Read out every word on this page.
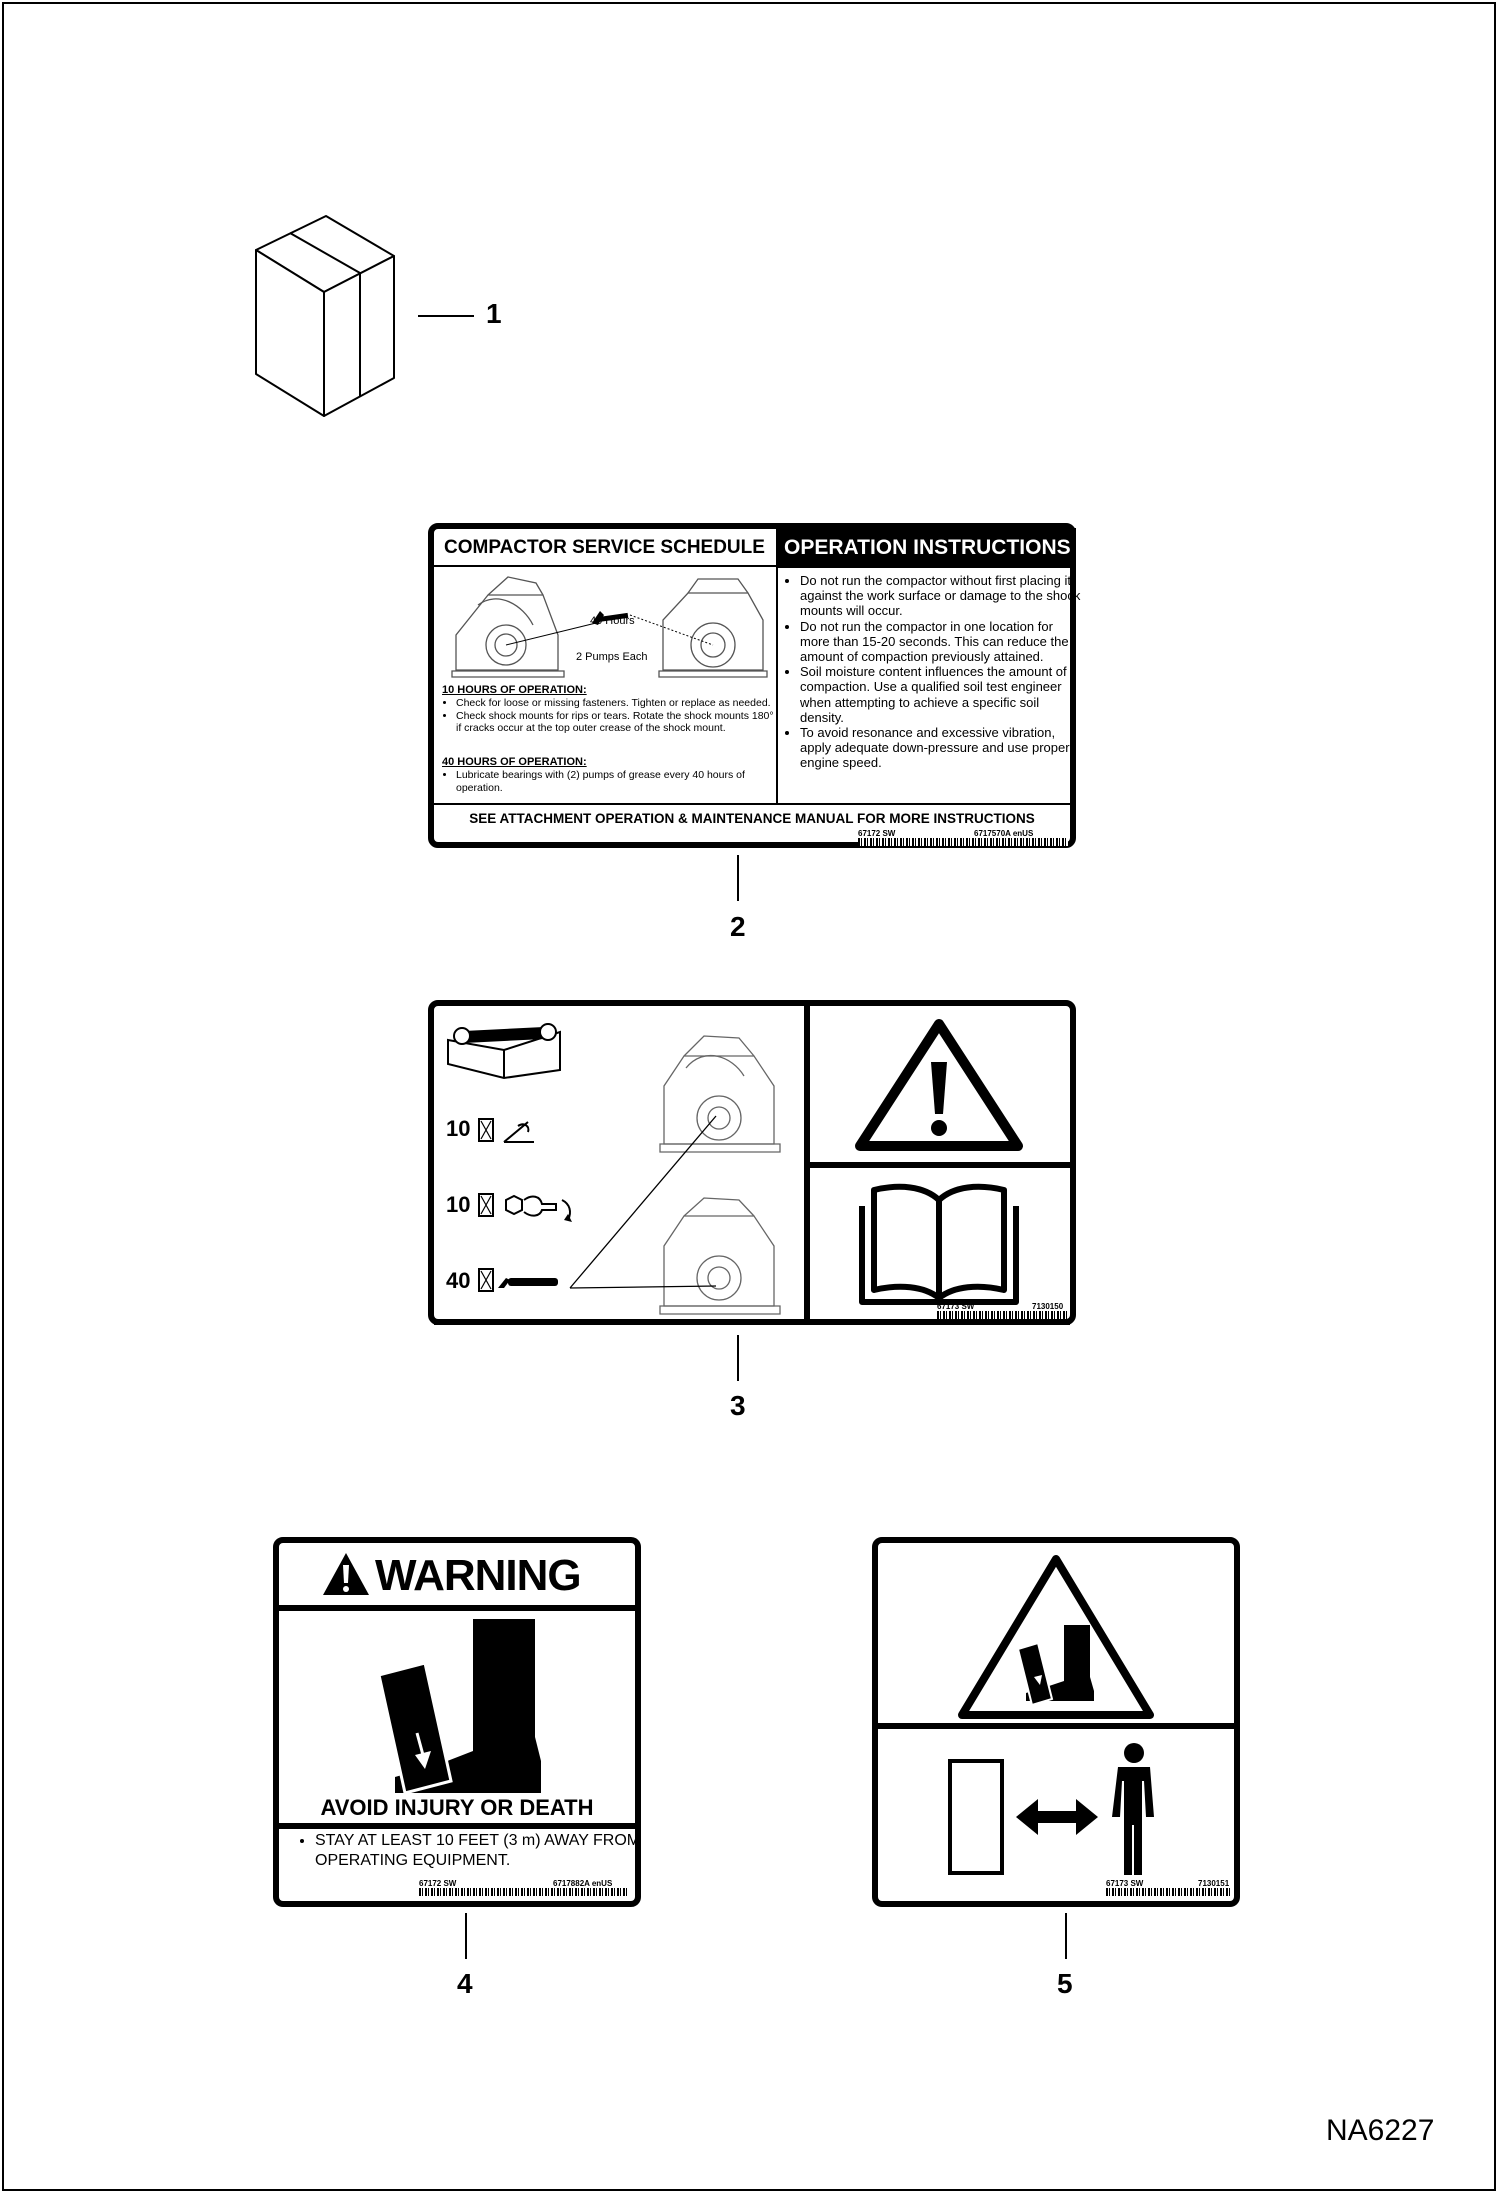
1
COMPACTOR SERVICE SCHEDULE OPERATION INSTRUCTIONS
40 Hours
2 Pumps Each
10 HOURS OF OPERATION:
• Check for loose or missing fasteners. Tighten or replace as needed.
• Check shock mounts for rips or tears. Rotate the shock mounts 180° if cracks occur at the top outer crease of the shock mount.
40 HOURS OF OPERATION:
• Lubricate bearings with (2) pumps of grease every 40 hours of operation.
• Do not run the compactor without first placing it against the work surface or damage to the shock mounts will occur.
• Do not run the compactor in one location for more than 15-20 seconds. This can reduce the amount of compaction previously attained.
• Soil moisture content influences the amount of compaction. Use a qualified soil test engineer when attempting to achieve a specific soil density.
• To avoid resonance and excessive vibration, apply adequate down-pressure and use proper engine speed.
SEE ATTACHMENT OPERATION & MAINTENANCE MANUAL FOR MORE INSTRUCTIONS
67172 SW	6717570A enUS
2
10
10
40
67173 SW	7130150
3
WARNING
AVOID INJURY OR DEATH
• STAY AT LEAST 10 FEET (3 m) AWAY FROM OPERATING EQUIPMENT.
67172 SW	6717882A enUS
4
67173 SW	7130151
5
NA6227
